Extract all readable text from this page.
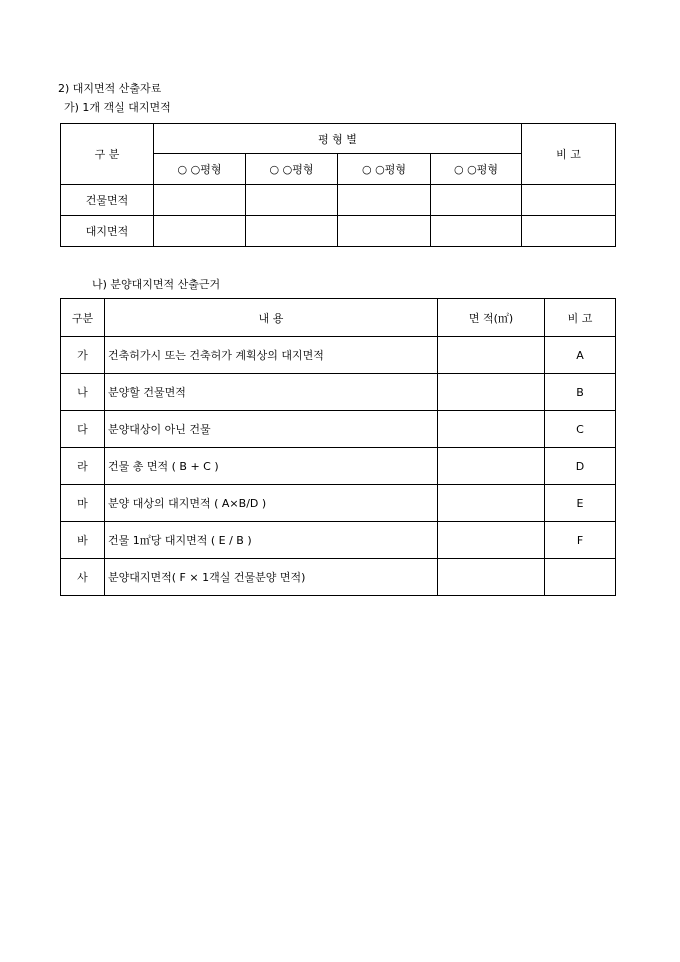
2) 대지면적 산출자료
가) 1개 객실 대지면적
구 분	평 형 별				비 고
	○ ○평형	○ ○평형	○ ○평형	○ ○평형	
건물면적					
대지면적					
나) 분양대지면적 산출근거
구분	내 용	면 적(㎡)	비 고
가	건축허가시 또는 건축허가 계획상의 대지면적		A
나	분양할 건물면적		B
다	분양대상이 아닌 건물		C
라	건물 총 면적 ( B + C )		D
마	분양 대상의 대지면적 ( A×B/D )		E
바	건물 1㎡당 대지면적 ( E / B )		F
사	분양대지면적( F × 1객실 건물분양 면적)		
